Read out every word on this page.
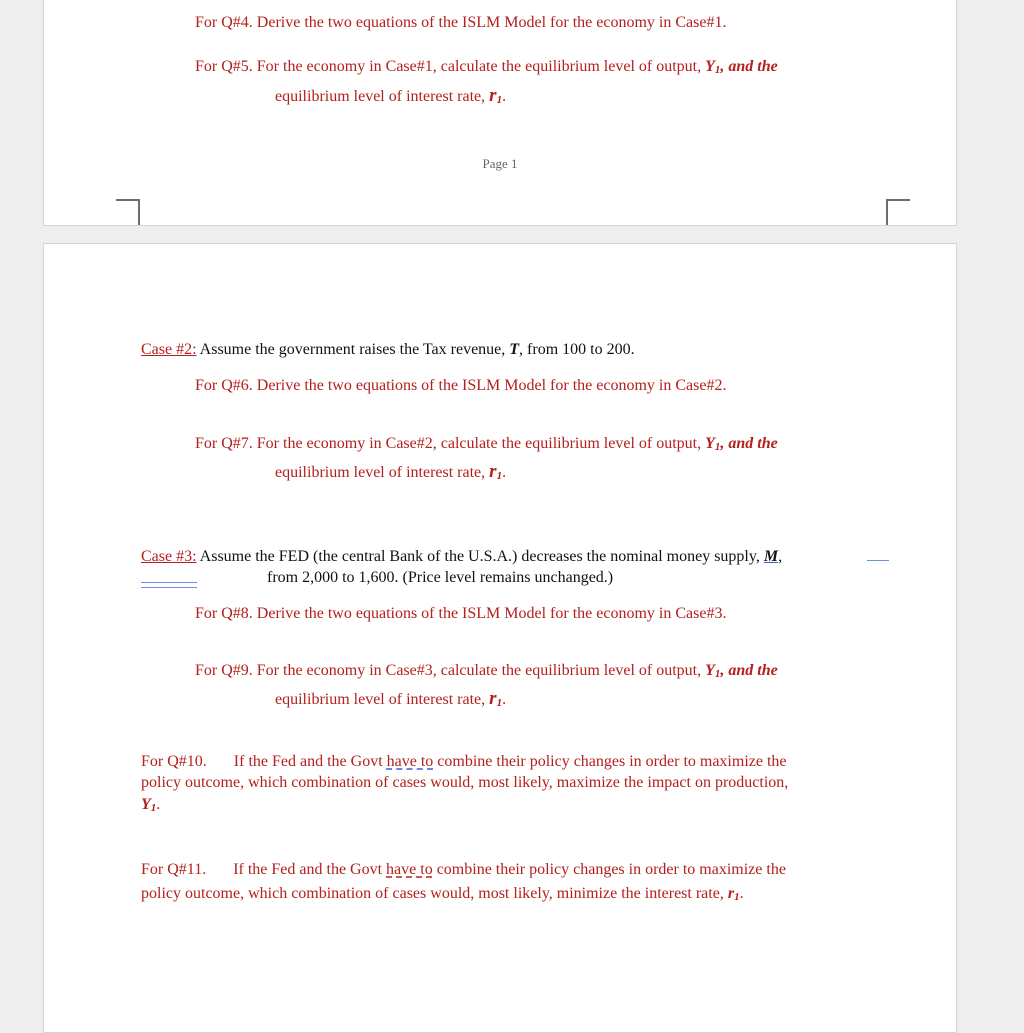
For Q#4. Derive the two equations of the ISLM Model for the economy in Case#1.
For Q#5. For the economy in Case#1, calculate the equilibrium level of output, Y1, and the
equilibrium level of interest rate, r1.
Page 1
Case #2: Assume the government raises the Tax revenue, T, from 100 to 200.
For Q#6. Derive the two equations of the ISLM Model for the economy in Case#2.
For Q#7. For the economy in Case#2, calculate the equilibrium level of output, Y1, and the
equilibrium level of interest rate, r1.
Case #3: Assume the FED (the central Bank of the U.S.A.) decreases the nominal money supply, M,
from 2,000 to 1,600. (Price level remains unchanged.)
For Q#8. Derive the two equations of the ISLM Model for the economy in Case#3.
For Q#9. For the economy in Case#3, calculate the equilibrium level of output, Y1, and the
equilibrium level of interest rate, r1.
For Q#10. If the Fed and the Govt have to combine their policy changes in order to maximize the
policy outcome, which combination of cases would, most likely, maximize the impact on production,
Y1.
For Q#11. If the Fed and the Govt have to combine their policy changes in order to maximize the
policy outcome, which combination of cases would, most likely, minimize the interest rate, r1.
